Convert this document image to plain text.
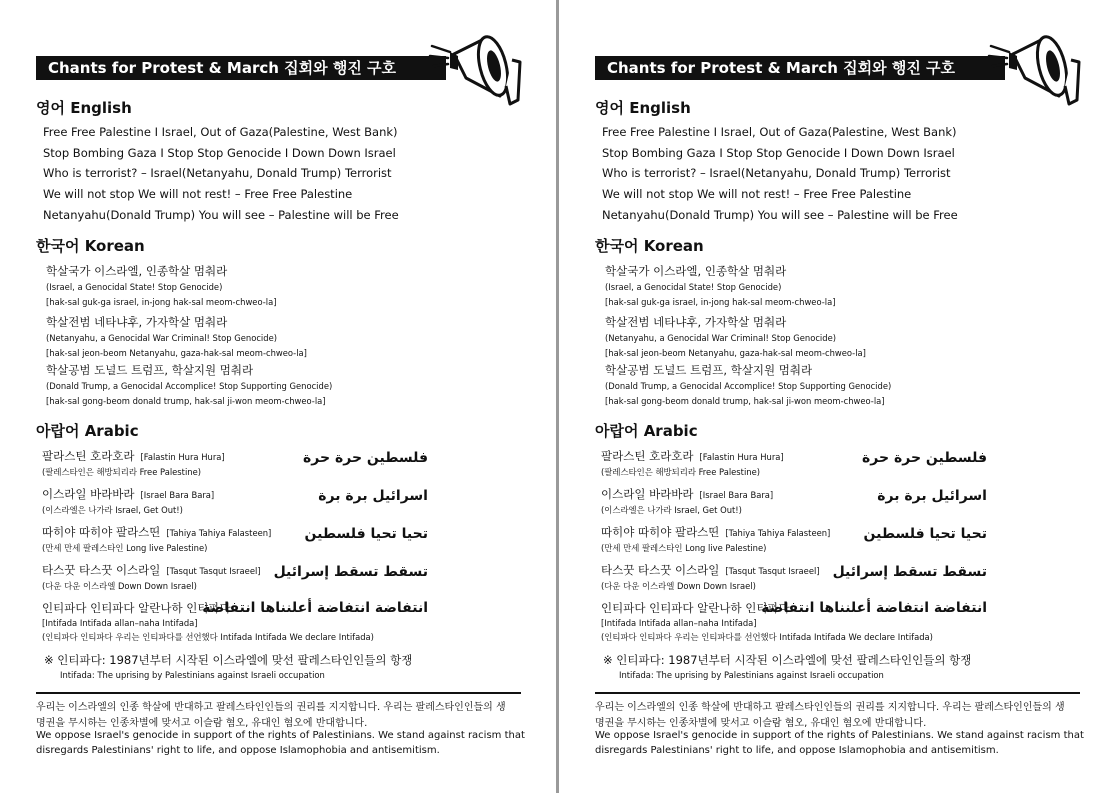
Chants for Protest & March 집회와 행진 구호
영어 English
Free Free Palestine I Israel, Out of Gaza(Palestine, West Bank)
Stop Bombing Gaza I Stop Stop Genocide I Down Down Israel
Who is terrorist? – Israel(Netanyahu, Donald Trump) Terrorist
We will not stop We will not rest! – Free Free Palestine
Netanyahu(Donald Trump) You will see – Palestine will be Free
한국어 Korean
학살국가 이스라엘, 인종학살 멈춰라
(Israel, a Genocidal State! Stop Genocide)
[hak-sal guk-ga israel, in-jong hak-sal meom-chweo-la]
학살전범 네타냐후, 가자학살 멈춰라
(Netanyahu, a Genocidal War Criminal! Stop Genocide)
[hak-sal jeon-beom Netanyahu, gaza-hak-sal meom-chweo-la]
학살공범 도널드 트럼프, 학살지원 멈춰라
(Donald Trump, a Genocidal Accomplice! Stop Supporting Genocide)
[hak-sal gong-beom donald trump, hak-sal ji-won meom-chweo-la]
아랍어 Arabic
팔라스틴 호라호라 [Falastin Hura Hura]
(팔레스타인은 해방되리라 Free Palestine)
فلسطين حرة حرة
이스라일 바라바라 [Israel Bara Bara]
(이스라엘은 나가라 Israel, Get Out!)
اسرائيل برة برة
따히야 따히야 팔라스띤 [Tahiya Tahiya Falasteen]
(만세 만세 팔레스타인 Long live Palestine)
تحيا تحيا فلسطين
타스꿋 타스꿋 이스라일 [Tasqut Tasqut Israeel]
(다운 다운 이스라엘 Down Down Israel)
تسقط تسقط إسرائيل
인티파다 인티파다 알란나하 인티파다
[Intifada Intifada allan–naha Intifada]
(인티파다 인티파다 우리는 인티파다를 선언했다 Intifada Intifada We declare Intifada)
انتفاضة انتفاضة أعلنناها انتفاضة
※ 인티파다: 1987년부터 시작된 이스라엘에 맞선 팔레스타인인들의 항쟁
Intifada: The uprising by Palestinians against Israeli occupation
우리는 이스라엘의 인종 학살에 반대하고 팔레스타인인들의 권리를 지지합니다. 우리는 팔레스타인인들의 생
명권을 무시하는 인종차별에 맞서고 이슬람 혐오, 유대인 혐오에 반대합니다.
We oppose Israel's genocide in support of the rights of Palestinians. We stand against racism that
disregards Palestinians' right to life, and oppose Islamophobia and antisemitism.
Chants for Protest & March 집회와 행진 구호
영어 English
Free Free Palestine I Israel, Out of Gaza(Palestine, West Bank)
Stop Bombing Gaza I Stop Stop Genocide I Down Down Israel
Who is terrorist? – Israel(Netanyahu, Donald Trump) Terrorist
We will not stop We will not rest! – Free Free Palestine
Netanyahu(Donald Trump) You will see – Palestine will be Free
한국어 Korean
학살국가 이스라엘, 인종학살 멈춰라
(Israel, a Genocidal State! Stop Genocide)
[hak-sal guk-ga israel, in-jong hak-sal meom-chweo-la]
학살전범 네타냐후, 가자학살 멈춰라
(Netanyahu, a Genocidal War Criminal! Stop Genocide)
[hak-sal jeon-beom Netanyahu, gaza-hak-sal meom-chweo-la]
학살공범 도널드 트럼프, 학살지원 멈춰라
(Donald Trump, a Genocidal Accomplice! Stop Supporting Genocide)
[hak-sal gong-beom donald trump, hak-sal ji-won meom-chweo-la]
아랍어 Arabic
팔라스틴 호라호라 [Falastin Hura Hura]
(팔레스타인은 해방되리라 Free Palestine)
فلسطين حرة حرة
이스라일 바라바라 [Israel Bara Bara]
(이스라엘은 나가라 Israel, Get Out!)
اسرائيل برة برة
따히야 따히야 팔라스띤 [Tahiya Tahiya Falasteen]
(만세 만세 팔레스타인 Long live Palestine)
تحيا تحيا فلسطين
타스꿋 타스꿋 이스라일 [Tasqut Tasqut Israeel]
(다운 다운 이스라엘 Down Down Israel)
تسقط تسقط إسرائيل
인티파다 인티파다 알란나하 인티파다
[Intifada Intifada allan–naha Intifada]
(인티파다 인티파다 우리는 인티파다를 선언했다 Intifada Intifada We declare Intifada)
انتفاضة انتفاضة أعلنناها انتفاضة
※ 인티파다: 1987년부터 시작된 이스라엘에 맞선 팔레스타인인들의 항쟁
Intifada: The uprising by Palestinians against Israeli occupation
우리는 이스라엘의 인종 학살에 반대하고 팔레스타인인들의 권리를 지지합니다. 우리는 팔레스타인인들의 생
명권을 무시하는 인종차별에 맞서고 이슬람 혐오, 유대인 혐오에 반대합니다.
We oppose Israel's genocide in support of the rights of Palestinians. We stand against racism that
disregards Palestinians' right to life, and oppose Islamophobia and antisemitism.
